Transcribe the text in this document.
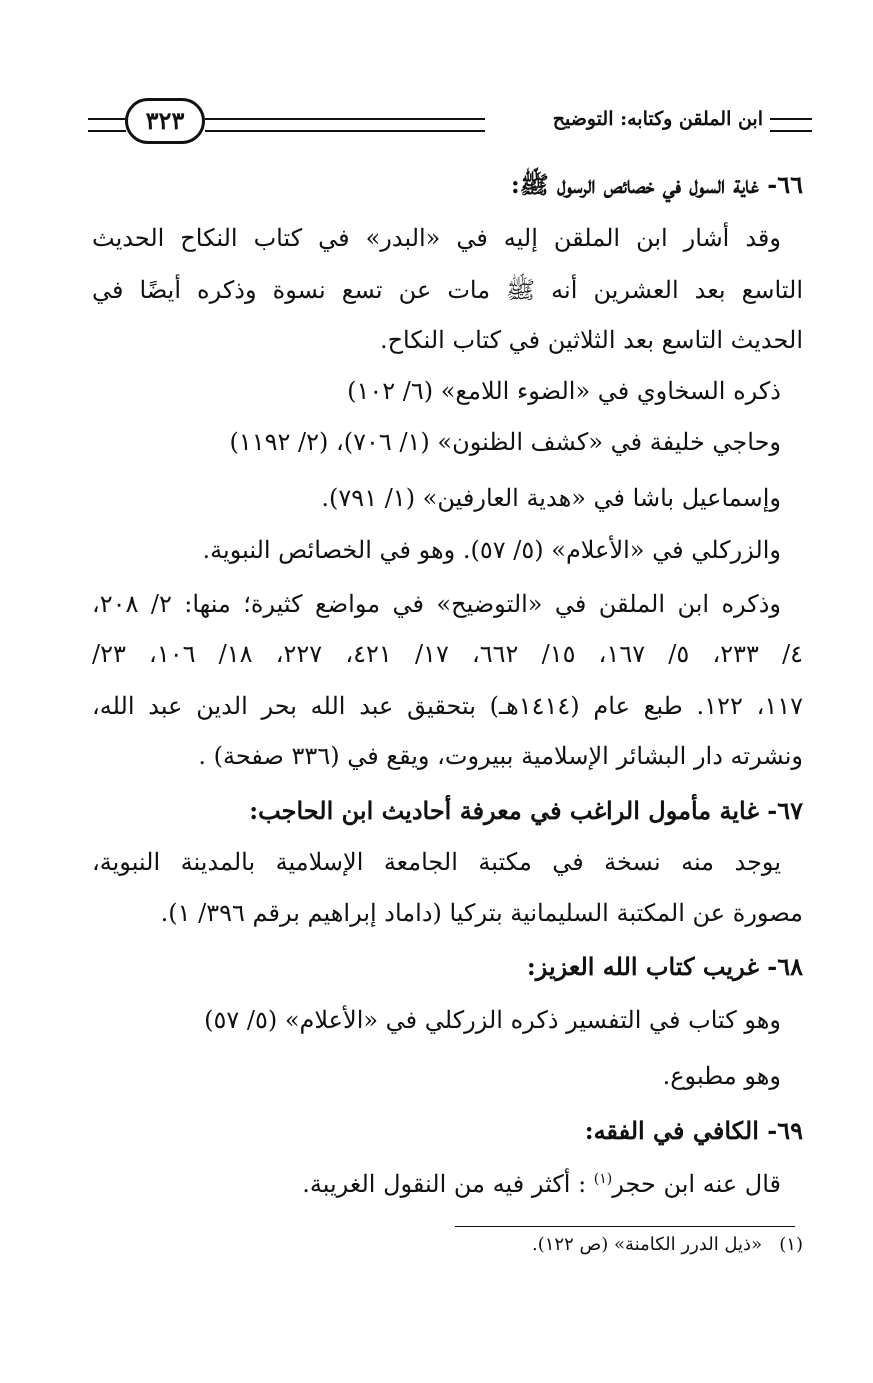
ابن الملقن وكتابه: التوضيح
٣٢٣
٦٦- غاية السول في خصائص الرسول ﷺ:
وقد أشار ابن الملقن إليه في «البدر» في كتاب النكاح الحديث
التاسع بعد العشرين أنه ﷺ مات عن تسع نسوة وذكره أيضًا في
الحديث التاسع بعد الثلاثين في كتاب النكاح.
ذكره السخاوي في «الضوء اللامع» (٦/ ١٠٢)
وحاجي خليفة في «كشف الظنون» (١/ ٧٠٦)، (٢/ ١١٩٢)
وإسماعيل باشا في «هدية العارفين» (١/ ٧٩١).
والزركلي في «الأعلام» (٥/ ٥٧). وهو في الخصائص النبوية.
وذكره ابن الملقن في «التوضيح» في مواضع كثيرة؛ منها: ٢/ ٢٠٨،
٤/ ٢٣٣، ٥/ ١٦٧، ١٥/ ٦٦٢، ١٧/ ٤٢١، ٢٢٧، ١٨/ ١٠٦، ٢٣/
١١٧، ١٢٢. طبع عام (١٤١٤هـ) بتحقيق عبد الله بحر الدين عبد الله،
ونشرته دار البشائر الإسلامية ببيروت، ويقع في (٣٣٦ صفحة) .
٦٧- غاية مأمول الراغب في معرفة أحاديث ابن الحاجب:
يوجد منه نسخة في مكتبة الجامعة الإسلامية بالمدينة النبوية،
مصورة عن المكتبة السليمانية بتركيا (داماد إبراهيم برقم ٣٩٦/ ١).
٦٨- غريب كتاب الله العزيز:
وهو كتاب في التفسير ذكره الزركلي في «الأعلام» (٥/ ٥٧)
وهو مطبوع.
٦٩- الكافي في الفقه:
قال عنه ابن حجر$^{(١)}$ : أكثر فيه من النقول الغريبة.
(١)   «ذيل الدرر الكامنة» (ص ١٢٢).
